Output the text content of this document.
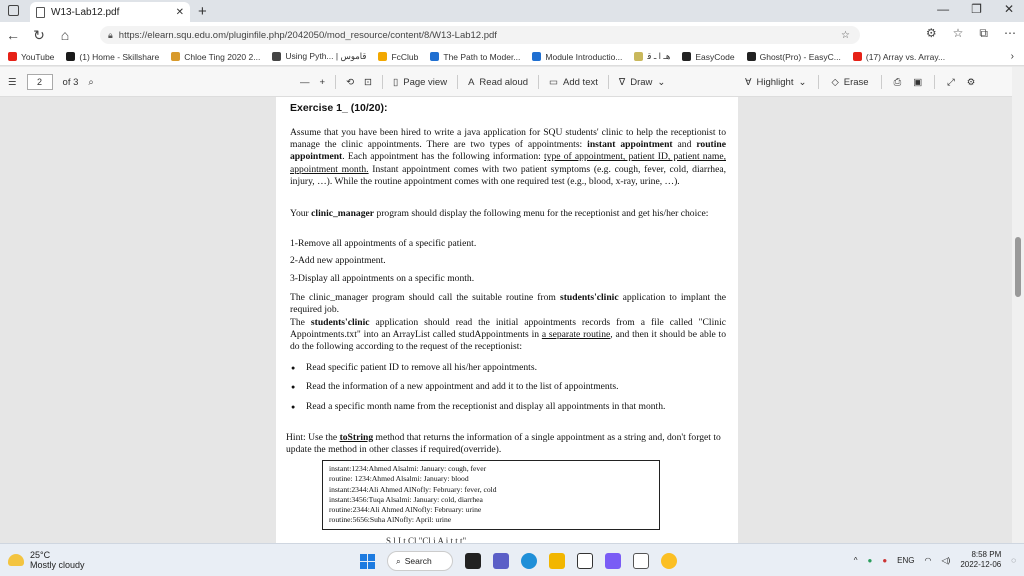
W13-Lab12.pdf	✕ +	— ❐ ✕
← ↻	⌂	🔒︎ https://elearn.squ.edu.om/pluginfile.php/2042050/mod_resource/content/8/W13-Lab12.pdf	☆	⚙ ☆ ⧉ ⋯
YouTube	(1) Home - Skillshare	Chloe Ting 2020 2...	Using Pyth... | ‫قاموس‬	FcClub	The Path to Moder...	Module Introductio...	‫ﻫـ ا ـ ﻗ‬	EasyCode	Ghost(Pro) - EasyC...	(17) Array vs. Array...	›
☰	2	of 3 ⌕	— + ⟲ ⊡ ▯ Page view A Read aloud ▭ Add text ∇ Draw ⌄	∀ Highlight ⌄	◇ Erase	⎙ ▣	⤢ ⚙
Exercise 1_ (10/20):
Assume that you have been hired to write a java application for SQU students' clinic to help the receptionist to manage the clinic appointments. There are two types of appointments: instant appointment and routine appointment. Each appointment has the following information: type of appointment, patient ID, patient name, appointment month. Instant appointment comes with two patient symptoms (e.g. cough, fever, cold, diarrhea, injury, …). While the routine appointment comes with one required test (e.g., blood, x-ray, urine, …).
Your clinic_manager program should display the following menu for the receptionist and get his/her choice:
1-Remove all appointments of a specific patient.
2-Add new appointment.
3-Display all appointments on a specific month.
The clinic_manager program should call the suitable routine from students'clinic application to implant the required job.
The students'clinic application should read the initial appointments records from a file called "Clinic Appointments.txt" into an ArrayList called studAppointments in a separate routine, and then it should be able to do the following according to the request of the receptionist:
● Read specific patient ID to remove all his/her appointments.
● Read the information of a new appointment and add it to the list of appointments.
● Read a specific month name from the receptionist and display all appointments in that month.
Hint: Use the toString method that returns the information of a single appointment as a string and, don't forget to update the method in other classes if required(override).
instant:1234:Ahmed Alsalmi: January: cough, fever
routine: 1234:Ahmed Alsalmi: January: blood
instant:2344:Ali Ahmed AlNofly: February: fever, cold
instant:3456:Tuqa Alsalmi: January: cold, diarrhea
routine:2344:Ali Ahmed AlNofly: February: urine
routine:5656:Suha AlNofly: April: urine
S l I t Cl "Cl i A i t t t"
25°C
Mostly cloudy	⌕ Search	^ ● ● ENG ◠ ◁)
8:58 PM
2022-12-06 ◌
